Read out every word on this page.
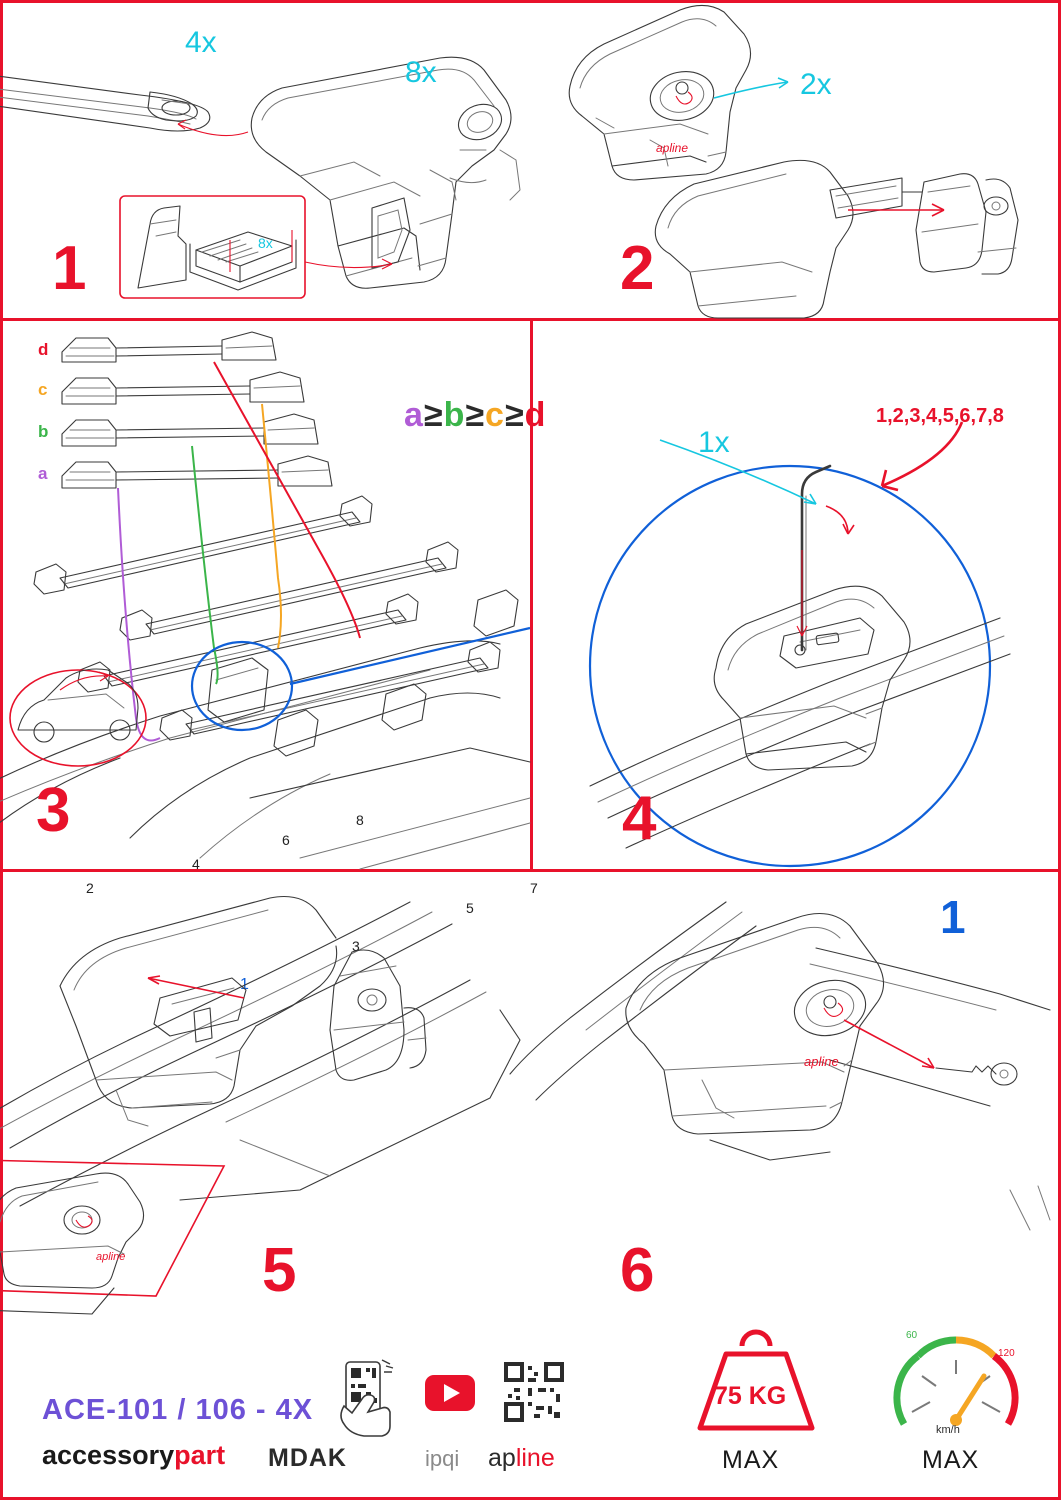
4x
8x
8x
1
apline
2x
2
d
c
b
a
a≥b≥c≥d
1
2
3
4
5
6
7
8
3
1x
1,2,3,4,5,6,7,8
1
4
apline 5
apline
6
ACE-101 / 106 - 4X
accessorypart MDAK	ipqi apline
75 KG
MAX
60
120
km/h
MAX
